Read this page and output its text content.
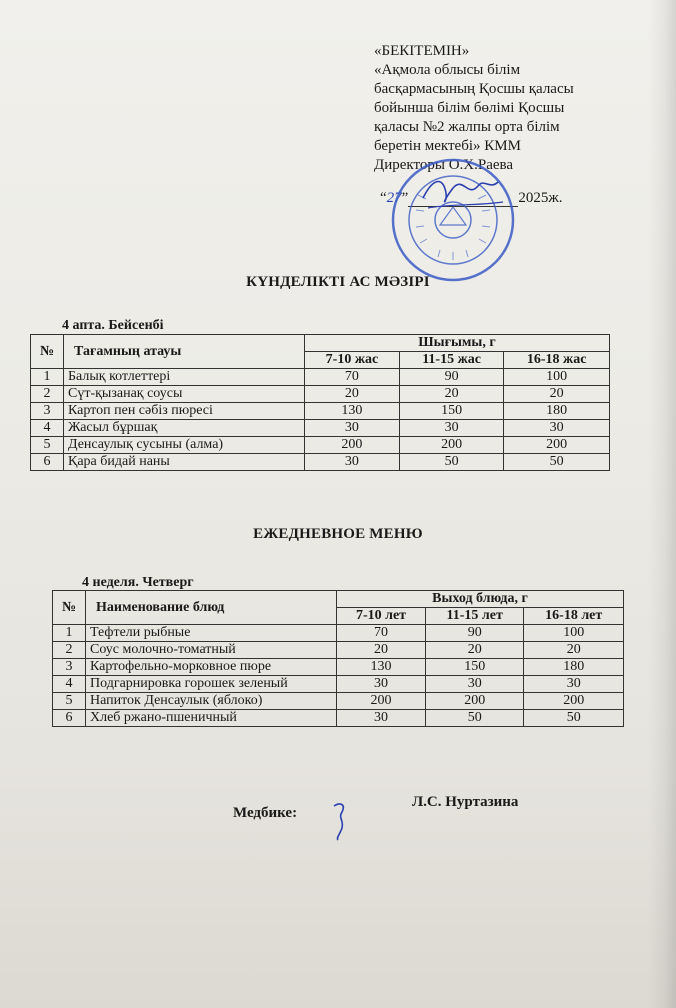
«БЕКІТЕМІН»
«Ақмола облысы білім
басқармасының Қосшы қаласы
бойынша білім бөлімі Қосшы
қаласы №2 жалпы орта білім
беретін мектебі» КММ
Директоры О.Х.Раева
“27”	2025ж.
КҮНДЕЛІКТІ АС МӘЗІРІ
4 апта. Бейсенбі
№	Тағамның атауы	Шығымы, г		
		7-10 жас	11-15 жас	16-18 жас
1	Балық котлеттері	70	90	100
2	Сүт-қызанақ соусы	20	20	20
3	Картоп пен сәбіз пюресі	130	150	180
4	Жасыл бұршақ	30	30	30
5	Денсаулық сусыны (алма)	200	200	200
6	Қара бидай наны	30	50	50
ЕЖЕДНЕВНОЕ МЕНЮ
4 неделя. Четверг
№	Наименование блюд	Выход блюда, г		
		7-10 лет	11-15 лет	16-18 лет
1	Тефтели рыбные	70	90	100
2	Соус молочно-томатный	20	20	20
3	Картофельно-морковное пюре	130	150	180
4	Подгарнировка горошек зеленый	30	30	30
5	Напиток Денсаулык (яблоко)	200	200	200
6	Хлеб ржано-пшеничный	30	50	50
Медбике:
Л.С. Нуртазина
